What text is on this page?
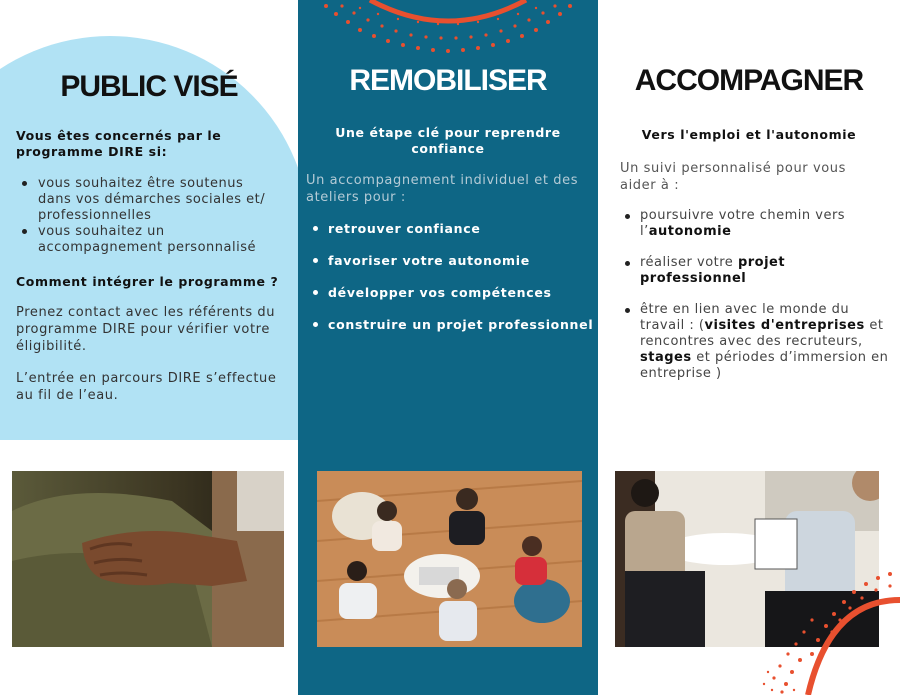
PUBLIC VISÉ

Vous êtes concernés par le programme DIRE si:

vous souhaitez être soutenus dans vos démarches sociales et/ professionnelles
vous souhaitez un accompagnement personnalisé

Comment intégrer le programme ?

Prenez contact avec les référents du programme DIRE pour vérifier votre éligibilité.

L’entrée en parcours DIRE s’effectue au fil de l’eau.

REMOBILISER

Une étape clé pour reprendre confiance

Un accompagnement individuel et des ateliers pour :

retrouver confiance
favoriser votre autonomie
développer vos compétences
construire un projet professionnel
ACCOMPAGNER

Vers l'emploi et l'autonomie

Un suivi personnalisé pour vous aider à :

poursuivre votre chemin vers l’autonomie
réaliser votre projet professionnel
être en lien avec le monde du travail : (visites d'entreprises et rencontres avec des recruteurs, stages et périodes d’immersion en entreprise )
